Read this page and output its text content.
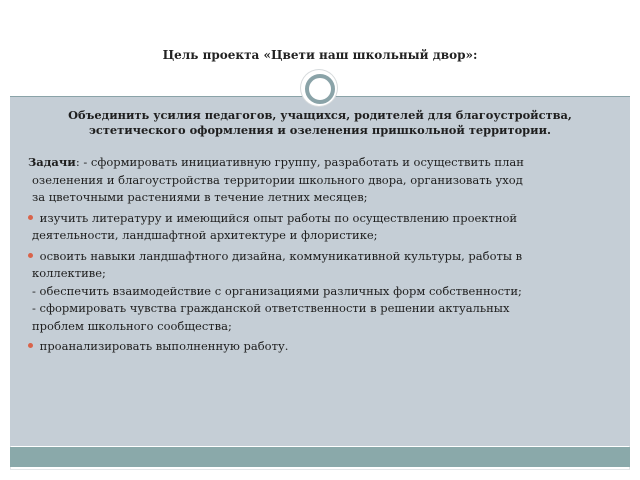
Цель проекта «Цвети наш школьный двор»:
Объединить усилия педагогов, учащихся, родителей для благоустройства,
эстетического оформления и озеленения пришкольной территории.
Задачи: - сформировать инициативную группу, разработать и осуществить план
озеленения и благоустройства территории школьного двора, организовать уход
за цветочными растениями в течение летних месяцев;
изучить литературу и имеющийся опыт работы по осуществлению проектной
деятельности, ландшафтной архитектуре и флористике;
освоить навыки ландшафтного дизайна, коммуникативной культуры, работы в
коллективе;
- обеспечить взаимодействие с организациями различных форм собственности;
- сформировать чувства гражданской ответственности в решении актуальных
проблем школьного сообщества;
проанализировать выполненную работу.
